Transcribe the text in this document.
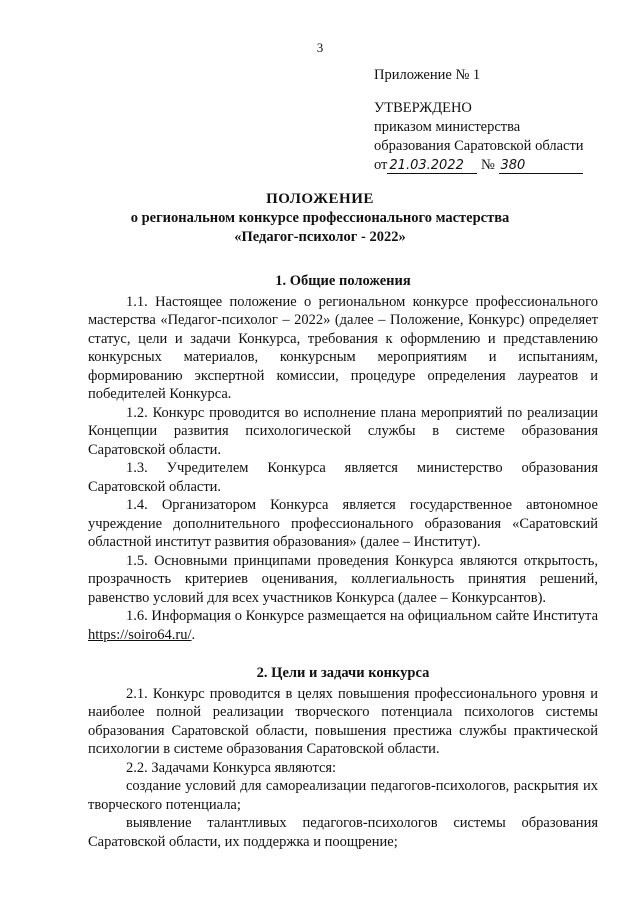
3
Приложение № 1
УТВЕРЖДЕНО
приказом министерства
образования Саратовской области
от 21.03.2022 № 380
ПОЛОЖЕНИЕ
о региональном конкурсе профессионального мастерства
«Педагог-психолог - 2022»
1. Общие положения

1.1. Настоящее положение о региональном конкурсе профессионального мастерства «Педагог-психолог – 2022» (далее – Положение, Конкурс) определяет статус, цели и задачи Конкурса, требования к оформлению и представлению конкурсных материалов, конкурсным мероприятиям и испытаниям, формированию экспертной комиссии, процедуре определения лауреатов и победителей Конкурса.

1.2. Конкурс проводится во исполнение плана мероприятий по реализации Концепции развития психологической службы в системе образования Саратовской области.

1.3. Учредителем Конкурса является министерство образования Саратовской области.

1.4. Организатором Конкурса является государственное автономное учреждение дополнительного профессионального образования «Саратовский областной институт развития образования» (далее – Институт).

1.5. Основными принципами проведения Конкурса являются открытость, прозрачность критериев оценивания, коллегиальность принятия решений, равенство условий для всех участников Конкурса (далее – Конкурсантов).

1.6. Информация о Конкурсе размещается на официальном сайте Института https://soiro64.ru/.

2. Цели и задачи конкурса

2.1. Конкурс проводится в целях повышения профессионального уровня и наиболее полной реализации творческого потенциала психологов системы образования Саратовской области, повышения престижа службы практической психологии в системе образования Саратовской области.

2.2. Задачами Конкурса являются:

создание условий для самореализации педагогов-психологов, раскрытия их творческого потенциала;

выявление талантливых педагогов-психологов системы образования Саратовской области, их поддержка и поощрение;
